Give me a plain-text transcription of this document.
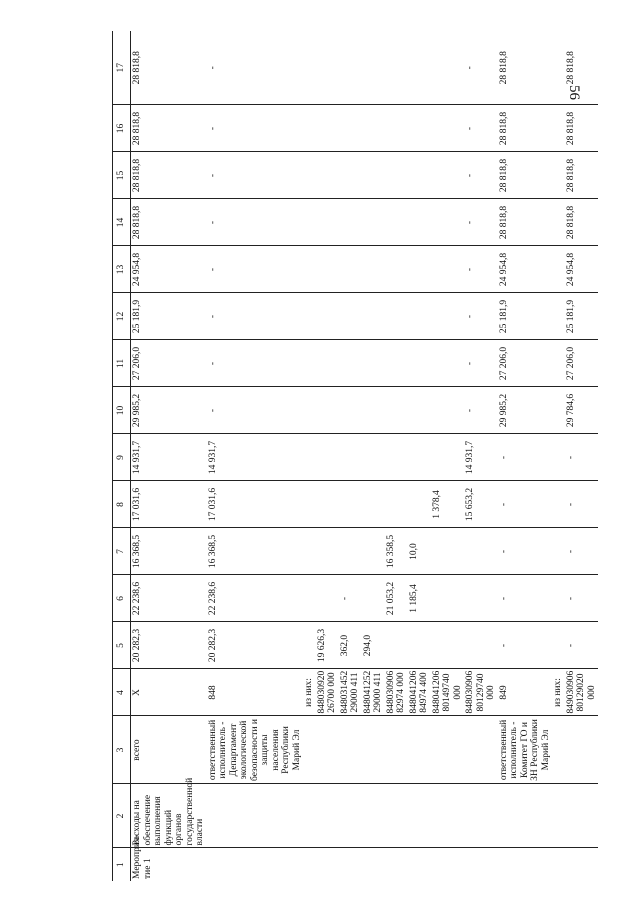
56
1	2	3	4	5	6	7	8	9	10	11	12	13	14	15	16	17
Мероприя-тие 1	Расходы на обеспечение выполнения функций органов государственной власти	всего	Х	20 282,3	22 238,6	16 368,5	17 031,6	14 931,7	29 985,2	27 206,0	25 181,9	24 954,8	28 818,8	28 818,8	28 818,8	28 818,8
		ответственный исполнитель - Департамент экологической безопасности и защиты населения Республики Марий Эл	848	20 282,3	22 238,6	16 368,5	17 031,6	14 931,7	-	-	-	-	-	-	-	-
			из них:													
			848030920 26700 000	19 626,3												
			848031452 29000 411	362,0	-											
			848041252 29000 411	294,0												
			848030906 82974 000		21 053,2	16 358,5										
			848041206 84974 400		1 185,4	10,0										
			848041206 80149740 000				1 378,4									
			848030906 80129740 000				15 653,2	14 931,7	-	-	-	-	-	-	-	-
		ответственный исполнитель - Комитет ГО и ЗН Республики Марий Эл	849	-	-	-	-	-	29 985,2	27 206,0	25 181,9	24 954,8	28 818,8	28 818,8	28 818,8	28 818,8
			из них:													
			849030906 80129020 000	-	-	-	-	-	29 784,6	27 206,0	25 181,9	24 954,8	28 818,8	28 818,8	28 818,8	28 818,8
